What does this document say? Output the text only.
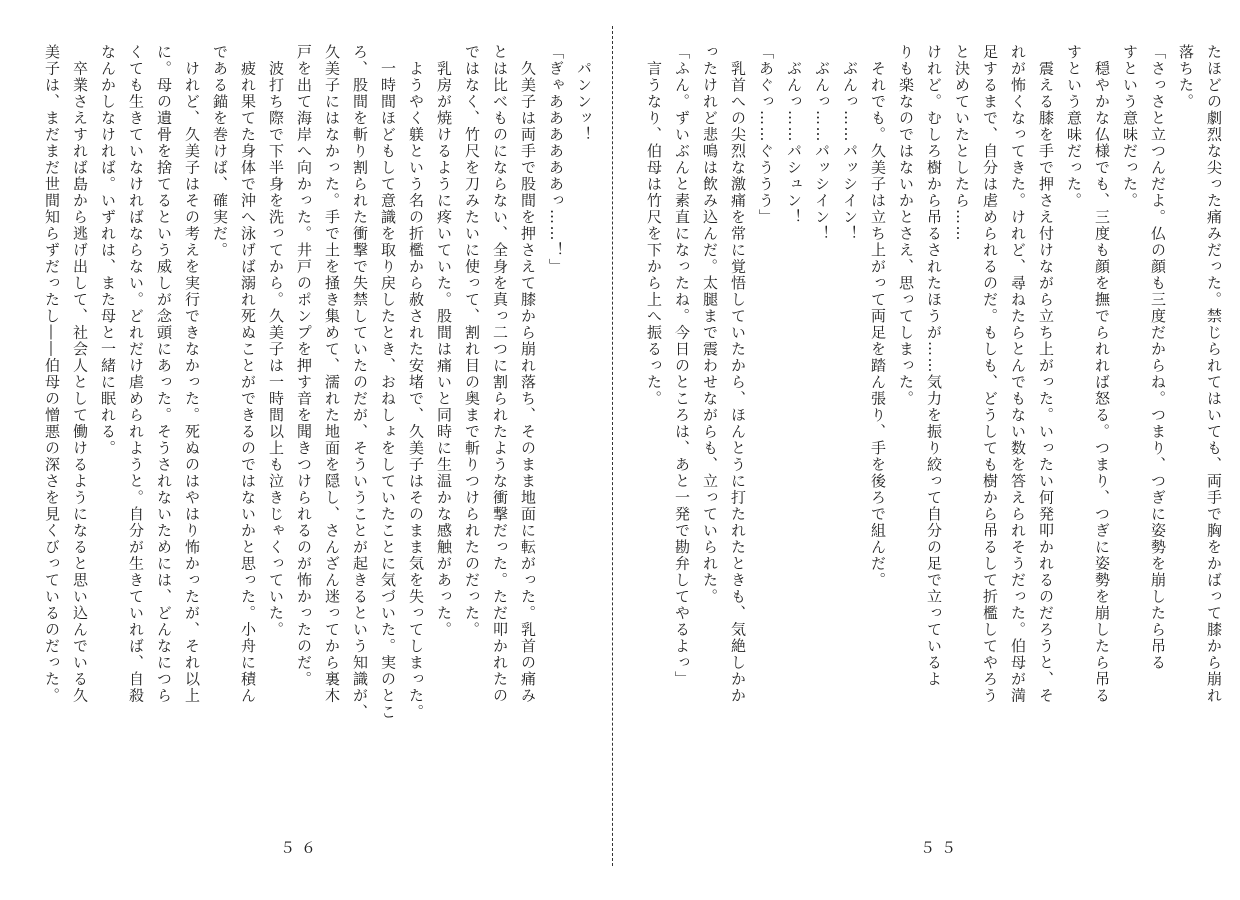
たほどの劇烈な尖った痛みだった。禁じられてはいても、両手で胸をかばって膝から崩れ

落ちた。

「さっさと立つんだよ。仏の顔も三度だからね。つまり、つぎに姿勢を崩したら吊る

すという意味だった。

　穏やかな仏様でも、三度も顔を撫でられれば怒る。つまり、つぎに姿勢を崩したら吊る

すという意味だった。

　震える膝を手で押さえ付けながら立ち上がった。いったい何発叩かれるのだろうと、そ

れが怖くなってきた。けれど、尋ねたらとんでもない数を答えられそうだった。伯母が満

足するまで、自分は虐められるのだ。もしも、どうしても樹から吊るして折檻してやろう

と決めていたとしたら……

けれど。むしろ樹から吊るされたほうが……気力を振り絞って自分の足で立っているよ

りも楽なのではないかとさえ、思ってしまった。

　それでも。久美子は立ち上がって両足を踏ん張り、手を後ろで組んだ。

　ぶんっ……パッシイン！

　ぶんっ……パッシイン！

　ぶんっ……パシュン！

「あぐっ……ぐううう」

　乳首への尖烈な激痛を常に覚悟していたから、ほんとうに打たれたときも、気絶しかか

ったけれど悲鳴は飲み込んだ。太腿まで震わせながらも、立っていられた。

「ふん。ずいぶんと素直になったね。今日のところは、あと一発で勘弁してやるよっ」

　言うなり、伯母は竹尺を下から上へ振るった。

　パンンッ！

「ぎゃああああああっ……！」

　久美子は両手で股間を押さえて膝から崩れ落ち、そのまま地面に転がった。乳首の痛み

とは比べものにならない、全身を真っ二つに割られたような衝撃だった。ただ叩かれたの

ではなく、竹尺を刀みたいに使って、割れ目の奥まで斬りつけられたのだった。

　乳房が焼けるように疼いていた。股間は痛いと同時に生温かな感触があった。

　ようやく躾という名の折檻から赦された安堵で、久美子はそのまま気を失ってしまった。

　一時間ほどもして意識を取り戻したとき、おねしょをしていたことに気づいた。実のとこ

ろ、股間を斬り割られた衝撃で失禁していたのだが、そういうことが起きるという知識が、

久美子にはなかった。手で土を掻き集めて、濡れた地面を隠し、さんざん迷ってから裏木

戸を出て海岸へ向かった。井戸のポンプを押す音を聞きつけられるのが怖かったのだ。

　波打ち際で下半身を洗ってから。久美子は一時間以上も泣きじゃくっていた。

　疲れ果てた身体で沖へ泳げば溺れ死ぬことができるのではないかと思った。小舟に積ん

である錨を巻けば、確実だ。

　けれど、久美子はその考えを実行できなかった。死ぬのはやはり怖かったが、それ以上

に。母の遺骨を捨てるという威しが念頭にあった。そうされないためには、どんなにつら

くても生きていなければならない。どれだけ虐められようと。自分が生きていれば、自殺

なんかしなければ。いずれは、また母と一緒に眠れる。

　卒業さえすれば島から逃げ出して、社会人として働けるようになると思い込んでいる久

美子は、まだまだ世間知らずだったし――伯母の憎悪の深さを見くびっているのだった。

５５
５６
